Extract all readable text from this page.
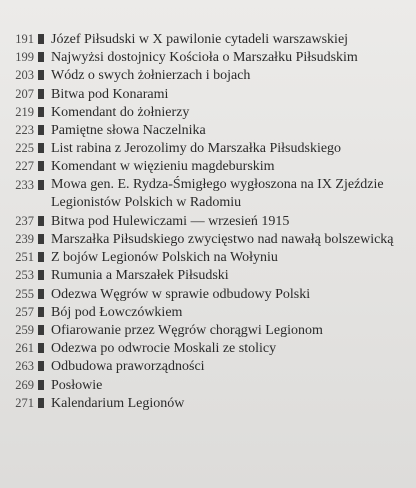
191 Józef Piłsudski w X pawilonie cytadeli warszawskiej
199 Najwyżsi dostojnicy Kościoła o Marszałku Piłsudskim
203 Wódz o swych żołnierzach i bojach
207 Bitwa pod Konarami
219 Komendant do żołnierzy
223 Pamiętne słowa Naczelnika
225 List rabina z Jerozolimy do Marszałka Piłsudskiego
227 Komendant w więzieniu magdeburskim
233 Mowa gen. E. Rydza-Śmigłego wygłoszona na IX Zjeździe
Legionistów Polskich w Radomiu
237 Bitwa pod Hulewiczami — wrzesień 1915
239 Marszałka Piłsudskiego zwycięstwo nad nawałą bolszewicką
251 Z bojów Legionów Polskich na Wołyniu
253 Rumunia a Marszałek Piłsudski
255 Odezwa Węgrów w sprawie odbudowy Polski
257 Bój pod Łowczówkiem
259 Ofiarowanie przez Węgrów chorągwi Legionom
261 Odezwa po odwrocie Moskali ze stolicy
263 Odbudowa praworządności
269 Posłowie
271 Kalendarium Legionów
